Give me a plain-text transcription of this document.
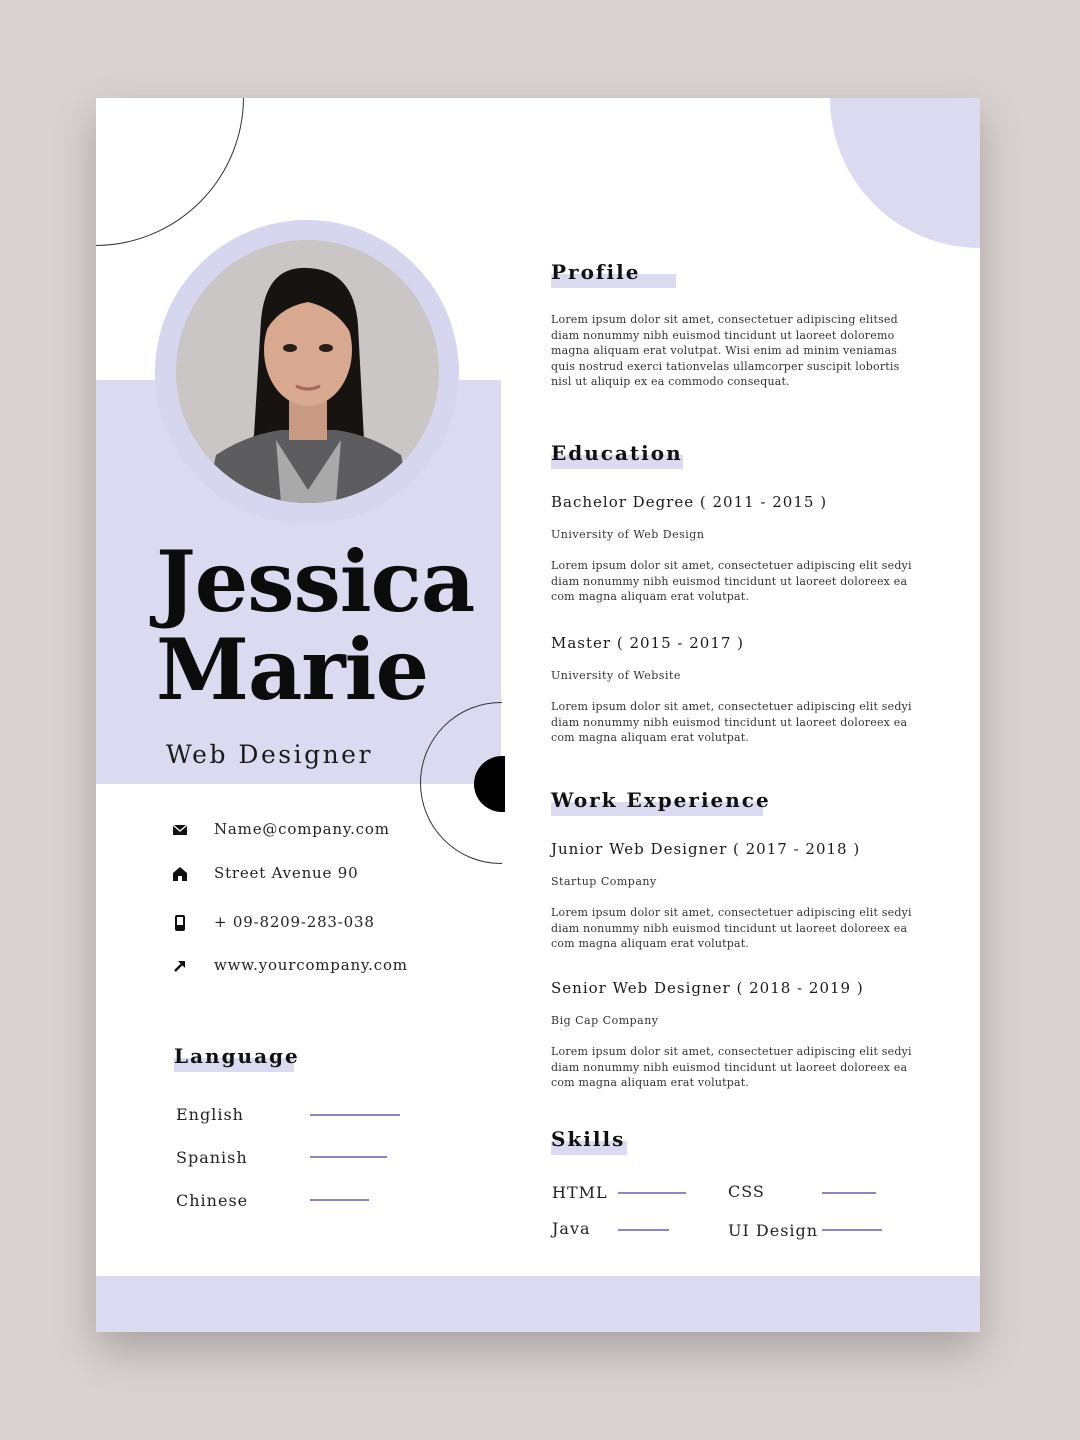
Jessica
Marie
Web Designer
Name@company.com
Street Avenue 90
+ 09-8209-283-038
www.yourcompany.com
Language
English
Spanish
Chinese
Profile
Lorem ipsum dolor sit amet, consectetuer adipiscing elitsed diam nonummy nibh euismod tincidunt ut laoreet doloremo magna aliquam erat volutpat. Wisi enim ad minim veniamas quis nostrud exerci tationvelas ullamcorper suscipit lobortis nisl ut aliquip ex ea commodo consequat.
Education
Bachelor Degree ( 2011 - 2015 )
University of Web Design
Lorem ipsum dolor sit amet, consectetuer adipiscing elit sedyi diam nonummy nibh euismod tincidunt ut laoreet doloreex ea com magna aliquam erat volutpat.
Master ( 2015 - 2017 )
University of Website
Lorem ipsum dolor sit amet, consectetuer adipiscing elit sedyi diam nonummy nibh euismod tincidunt ut laoreet doloreex ea com magna aliquam erat volutpat.
Work Experience
Junior Web Designer ( 2017 - 2018 )
Startup Company
Lorem ipsum dolor sit amet, consectetuer adipiscing elit sedyi diam nonummy nibh euismod tincidunt ut laoreet doloreex ea com magna aliquam erat volutpat.
Senior Web Designer ( 2018 - 2019 )
Big Cap Company
Lorem ipsum dolor sit amet, consectetuer adipiscing elit sedyi diam nonummy nibh euismod tincidunt ut laoreet doloreex ea com magna aliquam erat volutpat.
Skills
HTML	CSS
Java	UI Design
